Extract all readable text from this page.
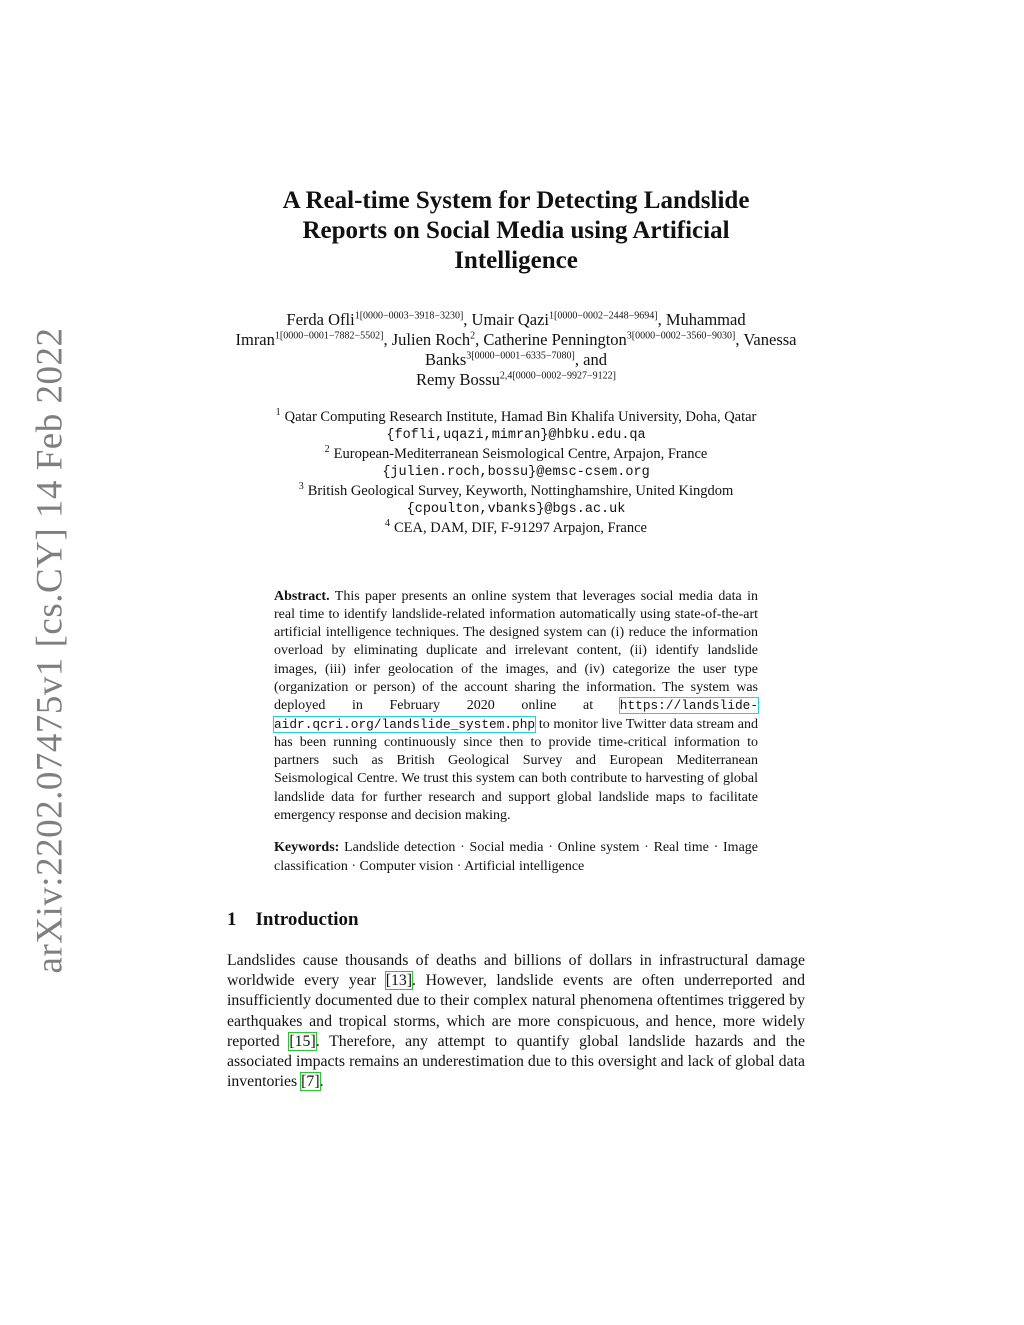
arXiv:2202.07475v1 [cs.CY] 14 Feb 2022
A Real-time System for Detecting Landslide
Reports on Social Media using Artificial
Intelligence
Ferda Ofli$^{1[0000-0003-3918-3230]}$, Umair Qazi$^{1[0000-0002-2448-9694]}$, Muhammad Imran$^{1[0000-0001-7882-5502]}$, Julien Roch$^2$, Catherine Pennington$^{3[0000-0002-3560-9030]}$, Vanessa Banks$^{3[0000-0001-6335-7080]}$, and
Remy Bossu$^{2,4[0000-0002-9927-9122]}$
$^1$ Qatar Computing Research Institute, Hamad Bin Khalifa University, Doha, Qatar
{fofli,uqazi,mimran}@hbku.edu.qa
$^2$ European-Mediterranean Seismological Centre, Arpajon, France
{julien.roch,bossu}@emsc-csem.org
$^3$ British Geological Survey, Keyworth, Nottinghamshire, United Kingdom
{cpoulton,vbanks}@bgs.ac.uk
$^4$ CEA, DAM, DIF, F-91297 Arpajon, France
Abstract. This paper presents an online system that leverages social media data in real time to identify landslide-related information automatically using state-of-the-art artificial intelligence techniques. The designed system can (i) reduce the information overload by eliminating duplicate and irrelevant content, (ii) identify landslide images, (iii) infer geolocation of the images, and (iv) categorize the user type (organization or person) of the account sharing the information. The system was deployed in February 2020 online at https://landslide-aidr.qcri.org/landslide_system.php to monitor live Twitter data stream and has been running continuously since then to provide time-critical information to partners such as British Geological Survey and European Mediterranean Seismological Centre. We trust this system can both contribute to harvesting of global landslide data for further research and support global landslide maps to facilitate emergency response and decision making.
Keywords: Landslide detection · Social media · Online system · Real time · Image classification · Computer vision · Artificial intelligence
1 Introduction
Landslides cause thousands of deaths and billions of dollars in infrastructural damage worldwide every year [13]. However, landslide events are often underreported and insufficiently documented due to their complex natural phenomena oftentimes triggered by earthquakes and tropical storms, which are more conspicuous, and hence, more widely reported [15]. Therefore, any attempt to quantify global landslide hazards and the associated impacts remains an underestimation due to this oversight and lack of global data inventories [7].
